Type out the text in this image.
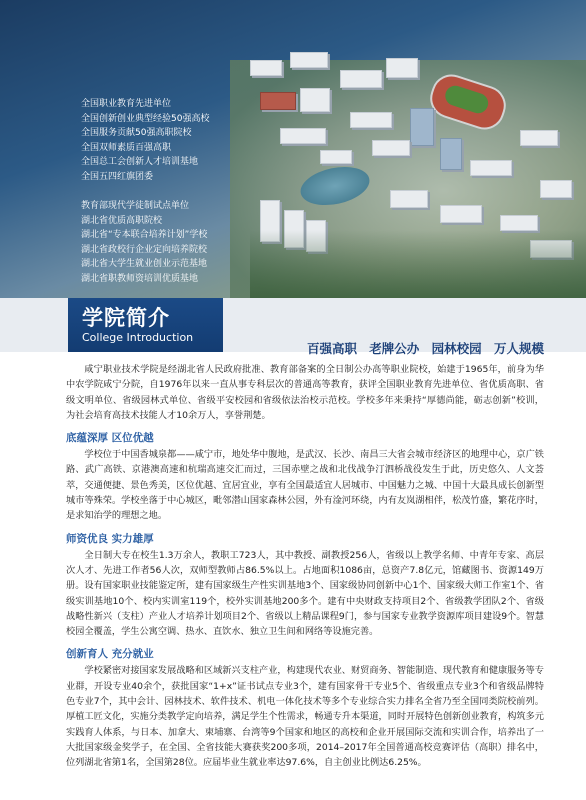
全国职业教育先进单位
全国创新创业典型经验50强高校
全国服务贡献50强高职院校
全国双师素质百强高职
全国总工会创新人才培训基地
全国五四红旗团委
教育部现代学徒制试点单位
湖北省优质高职院校
湖北省“专本联合培养计划”学校
湖北省政校行企业定向培养院校
湖北省大学生就业创业示范基地
湖北省职教师资培训优质基地
学院简介
College Introduction
百强高职 老牌公办 园林校园 万人规模

咸宁职业技术学院是经湖北省人民政府批准、教育部备案的全日制公办高等职业院校，始建于1965年，前身为华中农学院咸宁分院，自1976年以来一直从事专科层次的普通高等教育，获评全国职业教育先进单位、省优质高职、省级文明单位、省级园林式单位、省级平安校园和省级依法治校示范校。学校多年来秉持“厚德尚能，砺志创新”校训，为社会培育高技术技能人才10余万人，享誉荆楚。

底蕴深厚 区位优越

学校位于中国香城泉都——咸宁市，地处华中腹地，是武汉、长沙、南昌三大省会城市经济区的地理中心，京广铁路、武广高铁、京港澳高速和杭瑞高速交汇而过，三国赤壁之战和北伐战争汀泗桥战役发生于此，历史悠久、人文荟萃，交通便捷、景色秀美，区位优越、宜居宜业，享有全国最适宜人居城市、中国魅力之城、中国十大最具成长创新型城市等殊荣。学校坐落于中心城区，毗邻潜山国家森林公园，外有淦河环绕，内有友岚湖相伴，松茂竹盛，繁花序时，是求知治学的理想之地。

师资优良 实力雄厚

全日制大专在校生1.3万余人，教职工723人，其中教授、副教授256人，省级以上教学名师、中青年专家、高层次人才、先进工作者56人次，双师型教师占86.5%以上。占地面积1086亩，总资产7.8亿元，馆藏图书、资源149万册。设有国家职业技能鉴定所，建有国家级生产性实训基地3个、国家级协同创新中心1个、国家级大师工作室1个、省级实训基地10个、校内实训室119个，校外实训基地200多个。建有中央财政支持项目2个、省级教学团队2个、省级战略性新兴（支柱）产业人才培养计划项目2个、省级以上精品课程9门，参与国家专业教学资源库项目建设9个。智慧校园全覆盖，学生公寓空调、热水、直饮水、独立卫生间和网络等设施完善。

创新育人 充分就业

学校紧密对接国家发展战略和区域新兴支柱产业，构建现代农业、财贸商务、智能制造、现代教育和健康服务等专业群，开设专业40余个，获批国家“1+x”证书试点专业3个，建有国家骨干专业5个、省级重点专业3个和省级品牌特色专业7个，其中会计、园林技术、软件技术、机电一体化技术等多个专业综合实力排名全省乃至全国同类院校前列。厚植工匠文化，实施分类教学定向培养，满足学生个性需求，畅通专升本渠道，同时开展特色创新创业教育，构筑多元实践育人体系，与日本、加拿大、柬埔寨、台湾等9个国家和地区的高校和企业开展国际交流和实训合作，培养出了一大批国家级金奖学子，在全国、全省技能大赛获奖200多项，2014–2017年全国普通高校竞赛评估（高职）排名中，位列湖北省第1名，全国第28位。应届毕业生就业率达97.6%，自主创业比例达6.25%。
